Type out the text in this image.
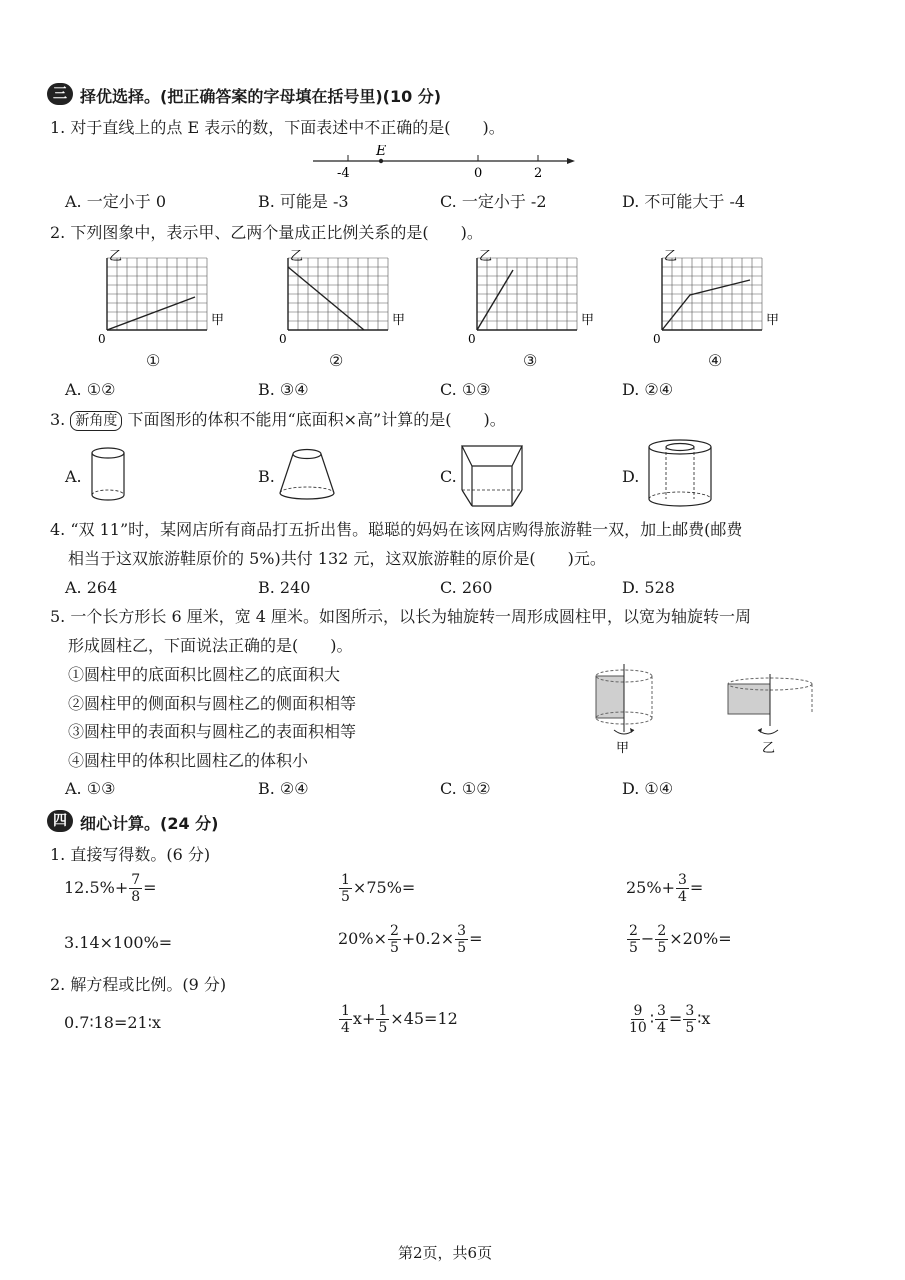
三 择优选择。(把正确答案的字母填在括号里)(10 分)
1. 对于直线上的点 E 表示的数，下面表述中不正确的是(　　)。
E
-4	0	2
A. 一定小于 0	B. 可能是 -3	C. 一定小于 -2	D. 不可能大于 -4
2. 下列图象中，表示甲、乙两个量成正比例关系的是(　　)。
乙
甲
0
乙
甲
0
乙
甲
0
乙
甲
0
①	②	③	④
A. ①②	B. ③④	C. ①③	D. ②④
3. 新角度 下面图形的体积不能用“底面积×高”计算的是(　　)。
A.	B.	C.	D.
4. “双 11”时，某网店所有商品打五折出售。聪聪的妈妈在该网店购得旅游鞋一双，加上邮费(邮费
相当于这双旅游鞋原价的 5%)共付 132 元，这双旅游鞋的原价是(　　)元。
A. 264	B. 240	C. 260	D. 528
5. 一个长方形长 6 厘米，宽 4 厘米。如图所示，以长为轴旋转一周形成圆柱甲，以宽为轴旋转一周
形成圆柱乙，下面说法正确的是(　　)。
①圆柱甲的底面积比圆柱乙的底面积大
②圆柱甲的侧面积与圆柱乙的侧面积相等
③圆柱甲的表面积与圆柱乙的表面积相等
④圆柱甲的体积比圆柱乙的体积小
甲	乙
A. ①③	B. ②④	C. ①②	D. ①④
四 细心计算。(24 分)
1. 直接写得数。(6 分)
$12.5\%+ \frac{7}{8}$ =	$\frac{1}{5} \times 75\%=$	$25\%+ \frac{3}{4}$ =
3.14×100%=	$20\%\times \frac{2}{5} +0.2\times \frac{3}{5}$ =	$\frac{2}{5} - \frac{2}{5} \times 20\%=$
2. 解方程或比例。(9 分)
0.7∶18=21∶x	$\frac{1}{4} x+ \frac{1}{5} \times 45=12$	$\frac{9}{10}$ ∶ $\frac{3}{4} = \frac{3}{5}$ ∶x
第2页，共6页
